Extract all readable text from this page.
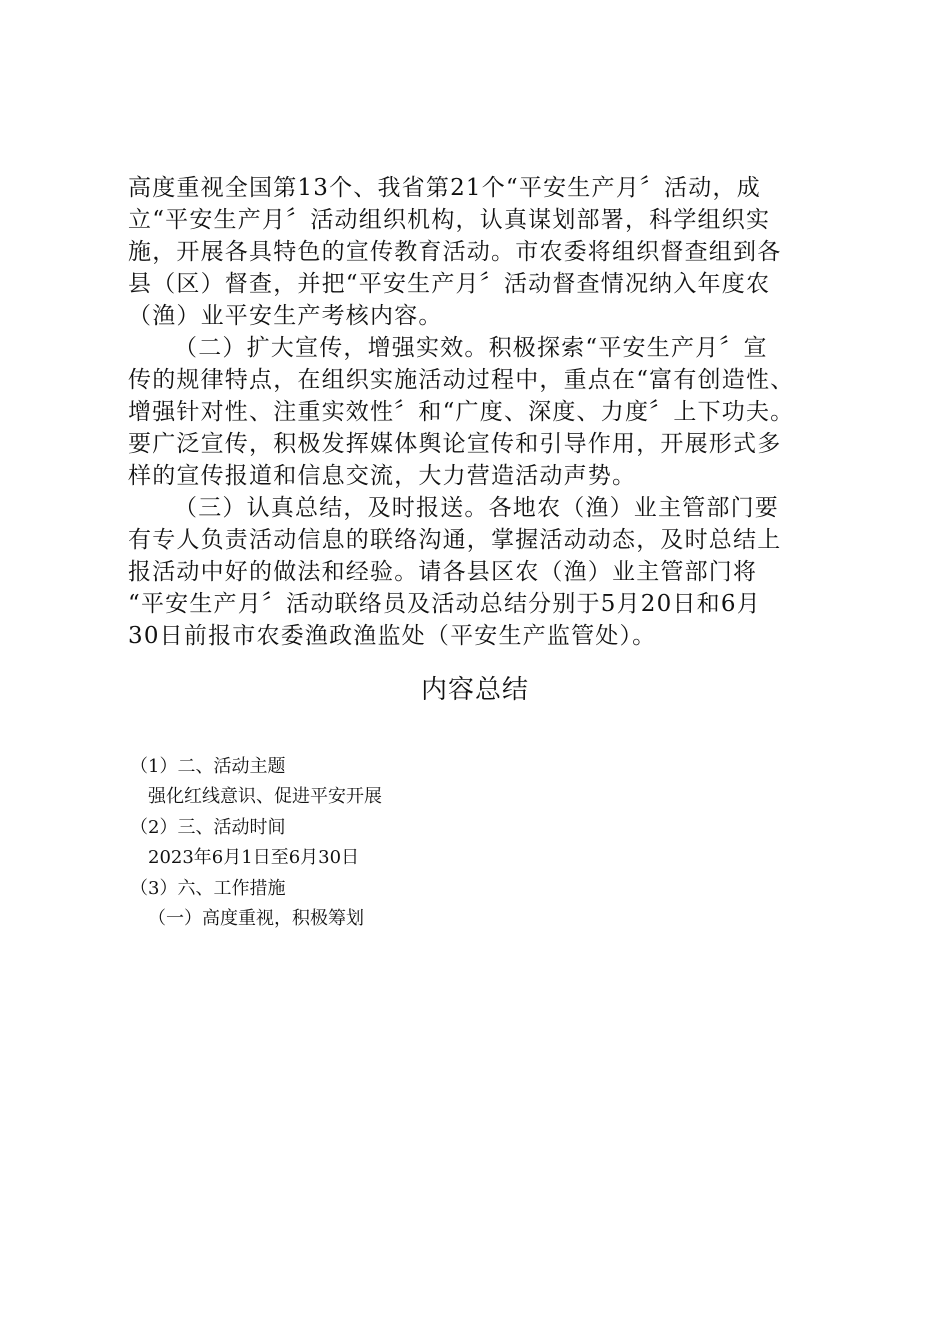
高度重视全国第13个、我省第21个“平安生产月〞活动，成
立“平安生产月〞活动组织机构，认真谋划部署，科学组织实
施，开展各具特色的宣传教育活动。市农委将组织督查组到各
县（区）督查，并把“平安生产月〞活动督查情况纳入年度农
（渔）业平安生产考核内容。
（二）扩大宣传，增强实效。积极探索“平安生产月〞宣
传的规律特点，在组织实施活动过程中，重点在“富有创造性、
增强针对性、注重实效性〞和“广度、深度、力度〞上下功夫。
要广泛宣传，积极发挥媒体舆论宣传和引导作用，开展形式多
样的宣传报道和信息交流，大力营造活动声势。
（三）认真总结，及时报送。各地农（渔）业主管部门要
有专人负责活动信息的联络沟通，掌握活动动态，及时总结上
报活动中好的做法和经验。请各县区农（渔）业主管部门将
“平安生产月〞活动联络员及活动总结分别于5月20日和6月
30日前报市农委渔政渔监处（平安生产监管处）。
内容总结
（1）二、活动主题
强化红线意识、促进平安开展
（2）三、活动时间
2023年6月1日至6月30日
（3）六、工作措施
（一）高度重视，积极筹划
